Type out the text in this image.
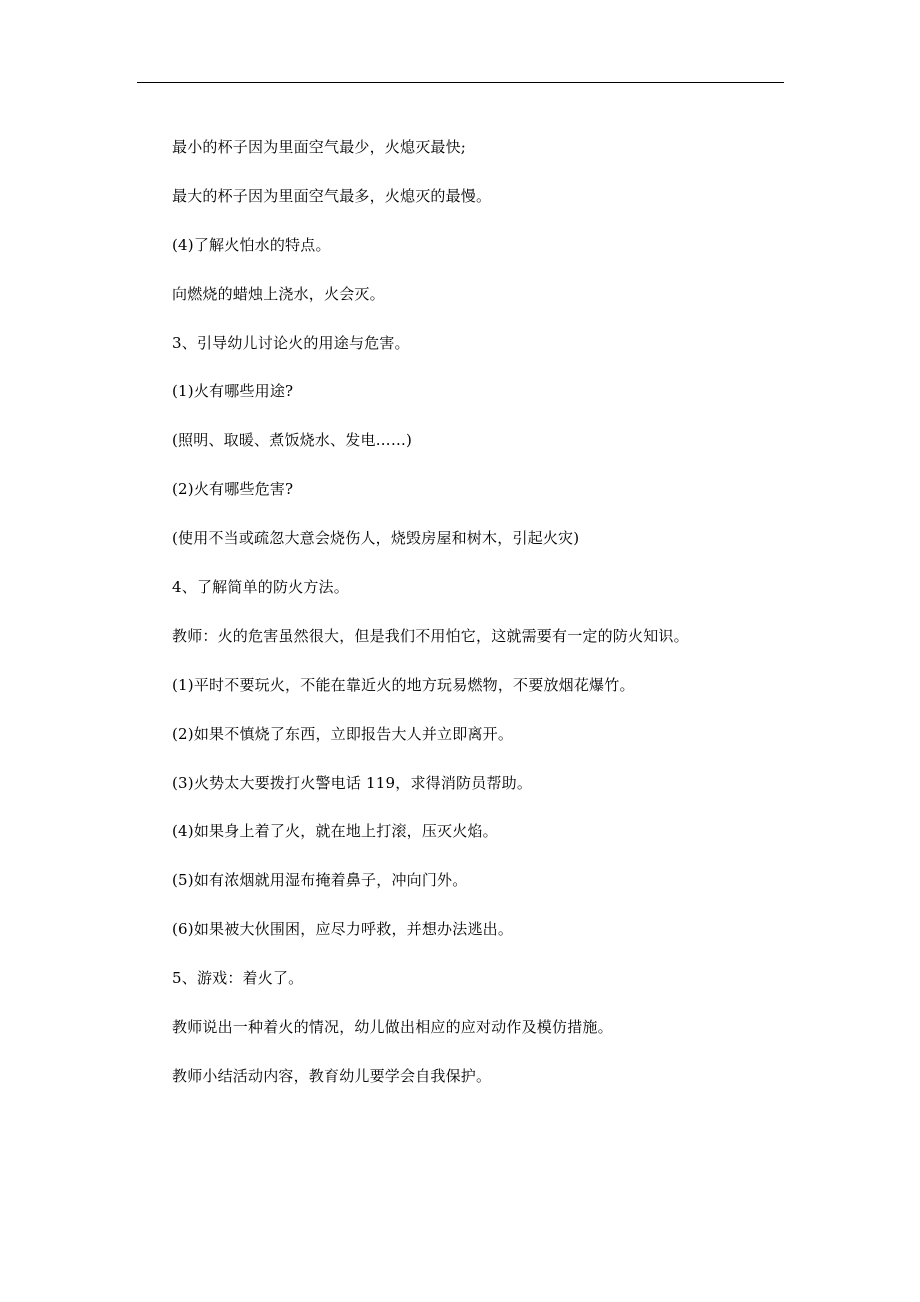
最小的杯子因为里面空气最少，火熄灭最快;

最大的杯子因为里面空气最多，火熄灭的最慢。

(4)了解火怕水的特点。

向燃烧的蜡烛上浇水，火会灭。

3、引导幼儿讨论火的用途与危害。

(1)火有哪些用途?

(照明、取暖、煮饭烧水、发电……)

(2)火有哪些危害?

(使用不当或疏忽大意会烧伤人，烧毁房屋和树木，引起火灾)

4、了解简单的防火方法。

教师：火的危害虽然很大，但是我们不用怕它，这就需要有一定的防火知识。

(1)平时不要玩火，不能在靠近火的地方玩易燃物，不要放烟花爆竹。

(2)如果不慎烧了东西，立即报告大人并立即离开。

(3)火势太大要拨打火警电话 119，求得消防员帮助。

(4)如果身上着了火，就在地上打滚，压灭火焰。

(5)如有浓烟就用湿布掩着鼻子，冲向门外。

(6)如果被大伙围困，应尽力呼救，并想办法逃出。

5、游戏：着火了。

教师说出一种着火的情况，幼儿做出相应的应对动作及模仿措施。

教师小结活动内容，教育幼儿要学会自我保护。
